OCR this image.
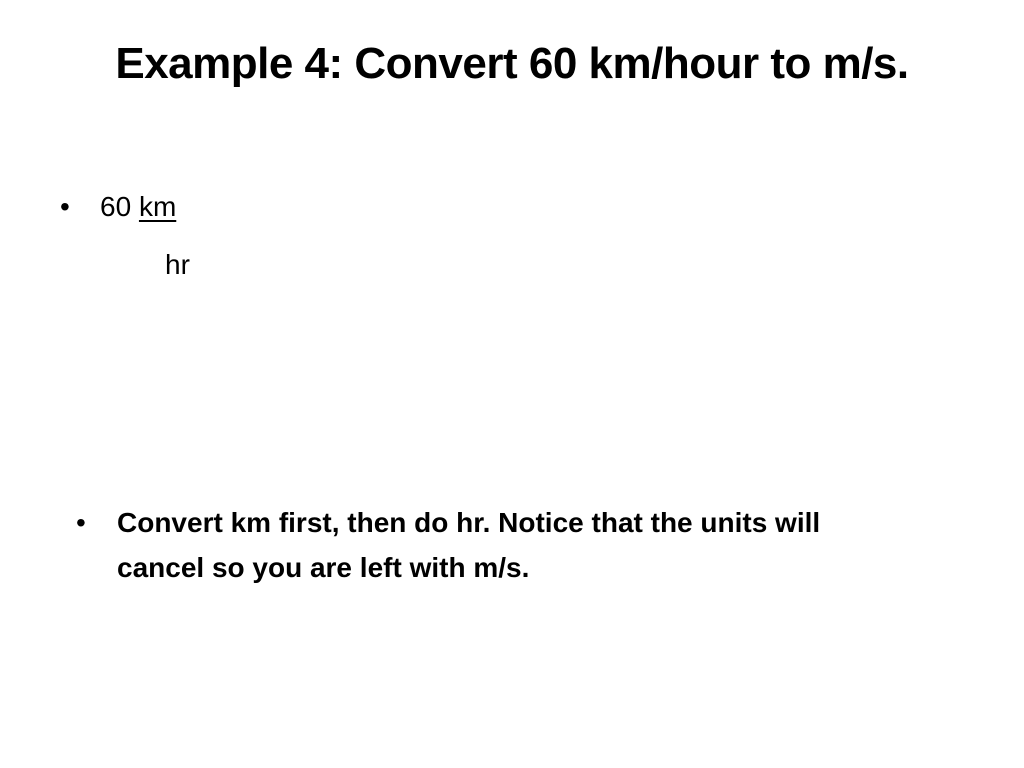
Example 4: Convert 60 km/hour to m/s.
•	60 km
hr
•	Convert km first, then do hr. Notice that the units will cancel so you are left with m/s.
